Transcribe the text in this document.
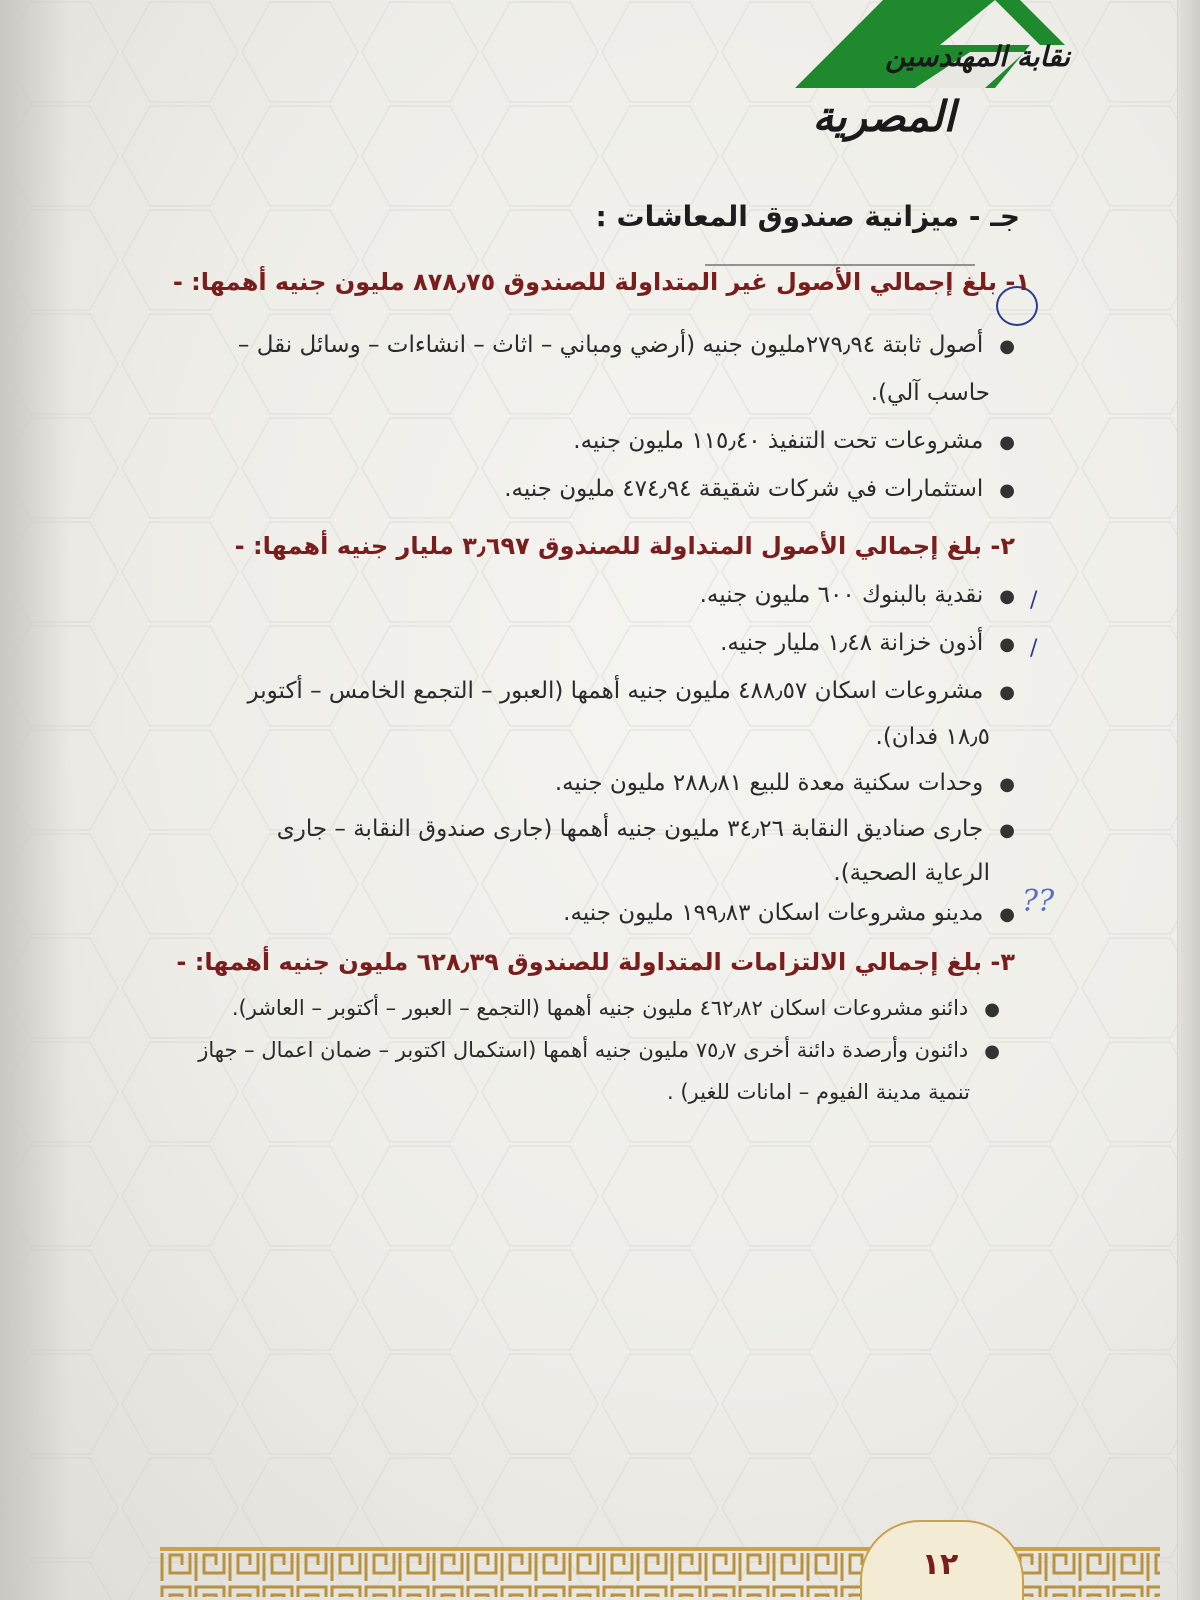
نقابة المهندسين
المصرية
جـ - ميزانية صندوق المعاشات :
١- بلغ إجمالي الأصول غير المتداولة للصندوق ٨٧٨٫٧٥ مليون جنيه أهمها: -
●أصول ثابتة ٢٧٩٫٩٤مليون جنيه (أرضي ومباني – اثاث – انشاءات – وسائل نقل –
حاسب آلي).
●مشروعات تحت التنفيذ ١١٥٫٤٠ مليون جنيه.
●استثمارات في شركات شقيقة ٤٧٤٫٩٤ مليون جنيه.
٢- بلغ إجمالي الأصول المتداولة للصندوق ٣٫٦٩٧ مليار جنيه أهمها: -
/
●نقدية بالبنوك ٦٠٠ مليون جنيه.
/
●أذون خزانة ١٫٤٨ مليار جنيه.
●مشروعات اسكان ٤٨٨٫٥٧ مليون جنيه أهمها (العبور – التجمع الخامس – أكتوبر
١٨٫٥ فدان).
●وحدات سكنية معدة للبيع ٢٨٨٫٨١ مليون جنيه.
●جارى صناديق النقابة ٣٤٫٢٦ مليون جنيه أهمها (جارى صندوق النقابة – جارى
الرعاية الصحية).
??
●مدينو مشروعات اسكان ١٩٩٫٨٣ مليون جنيه.
٣- بلغ إجمالي الالتزامات المتداولة للصندوق ٦٢٨٫٣٩ مليون جنيه أهمها: -
●دائنو مشروعات اسكان ٤٦٢٫٨٢ مليون جنيه أهمها (التجمع – العبور – أكتوبر – العاشر).
●دائنون وأرصدة دائنة أخرى ٧٥٫٧ مليون جنيه أهمها (استكمال اكتوبر – ضمان اعمال – جهاز
تنمية مدينة الفيوم – امانات للغير) .
١٢
